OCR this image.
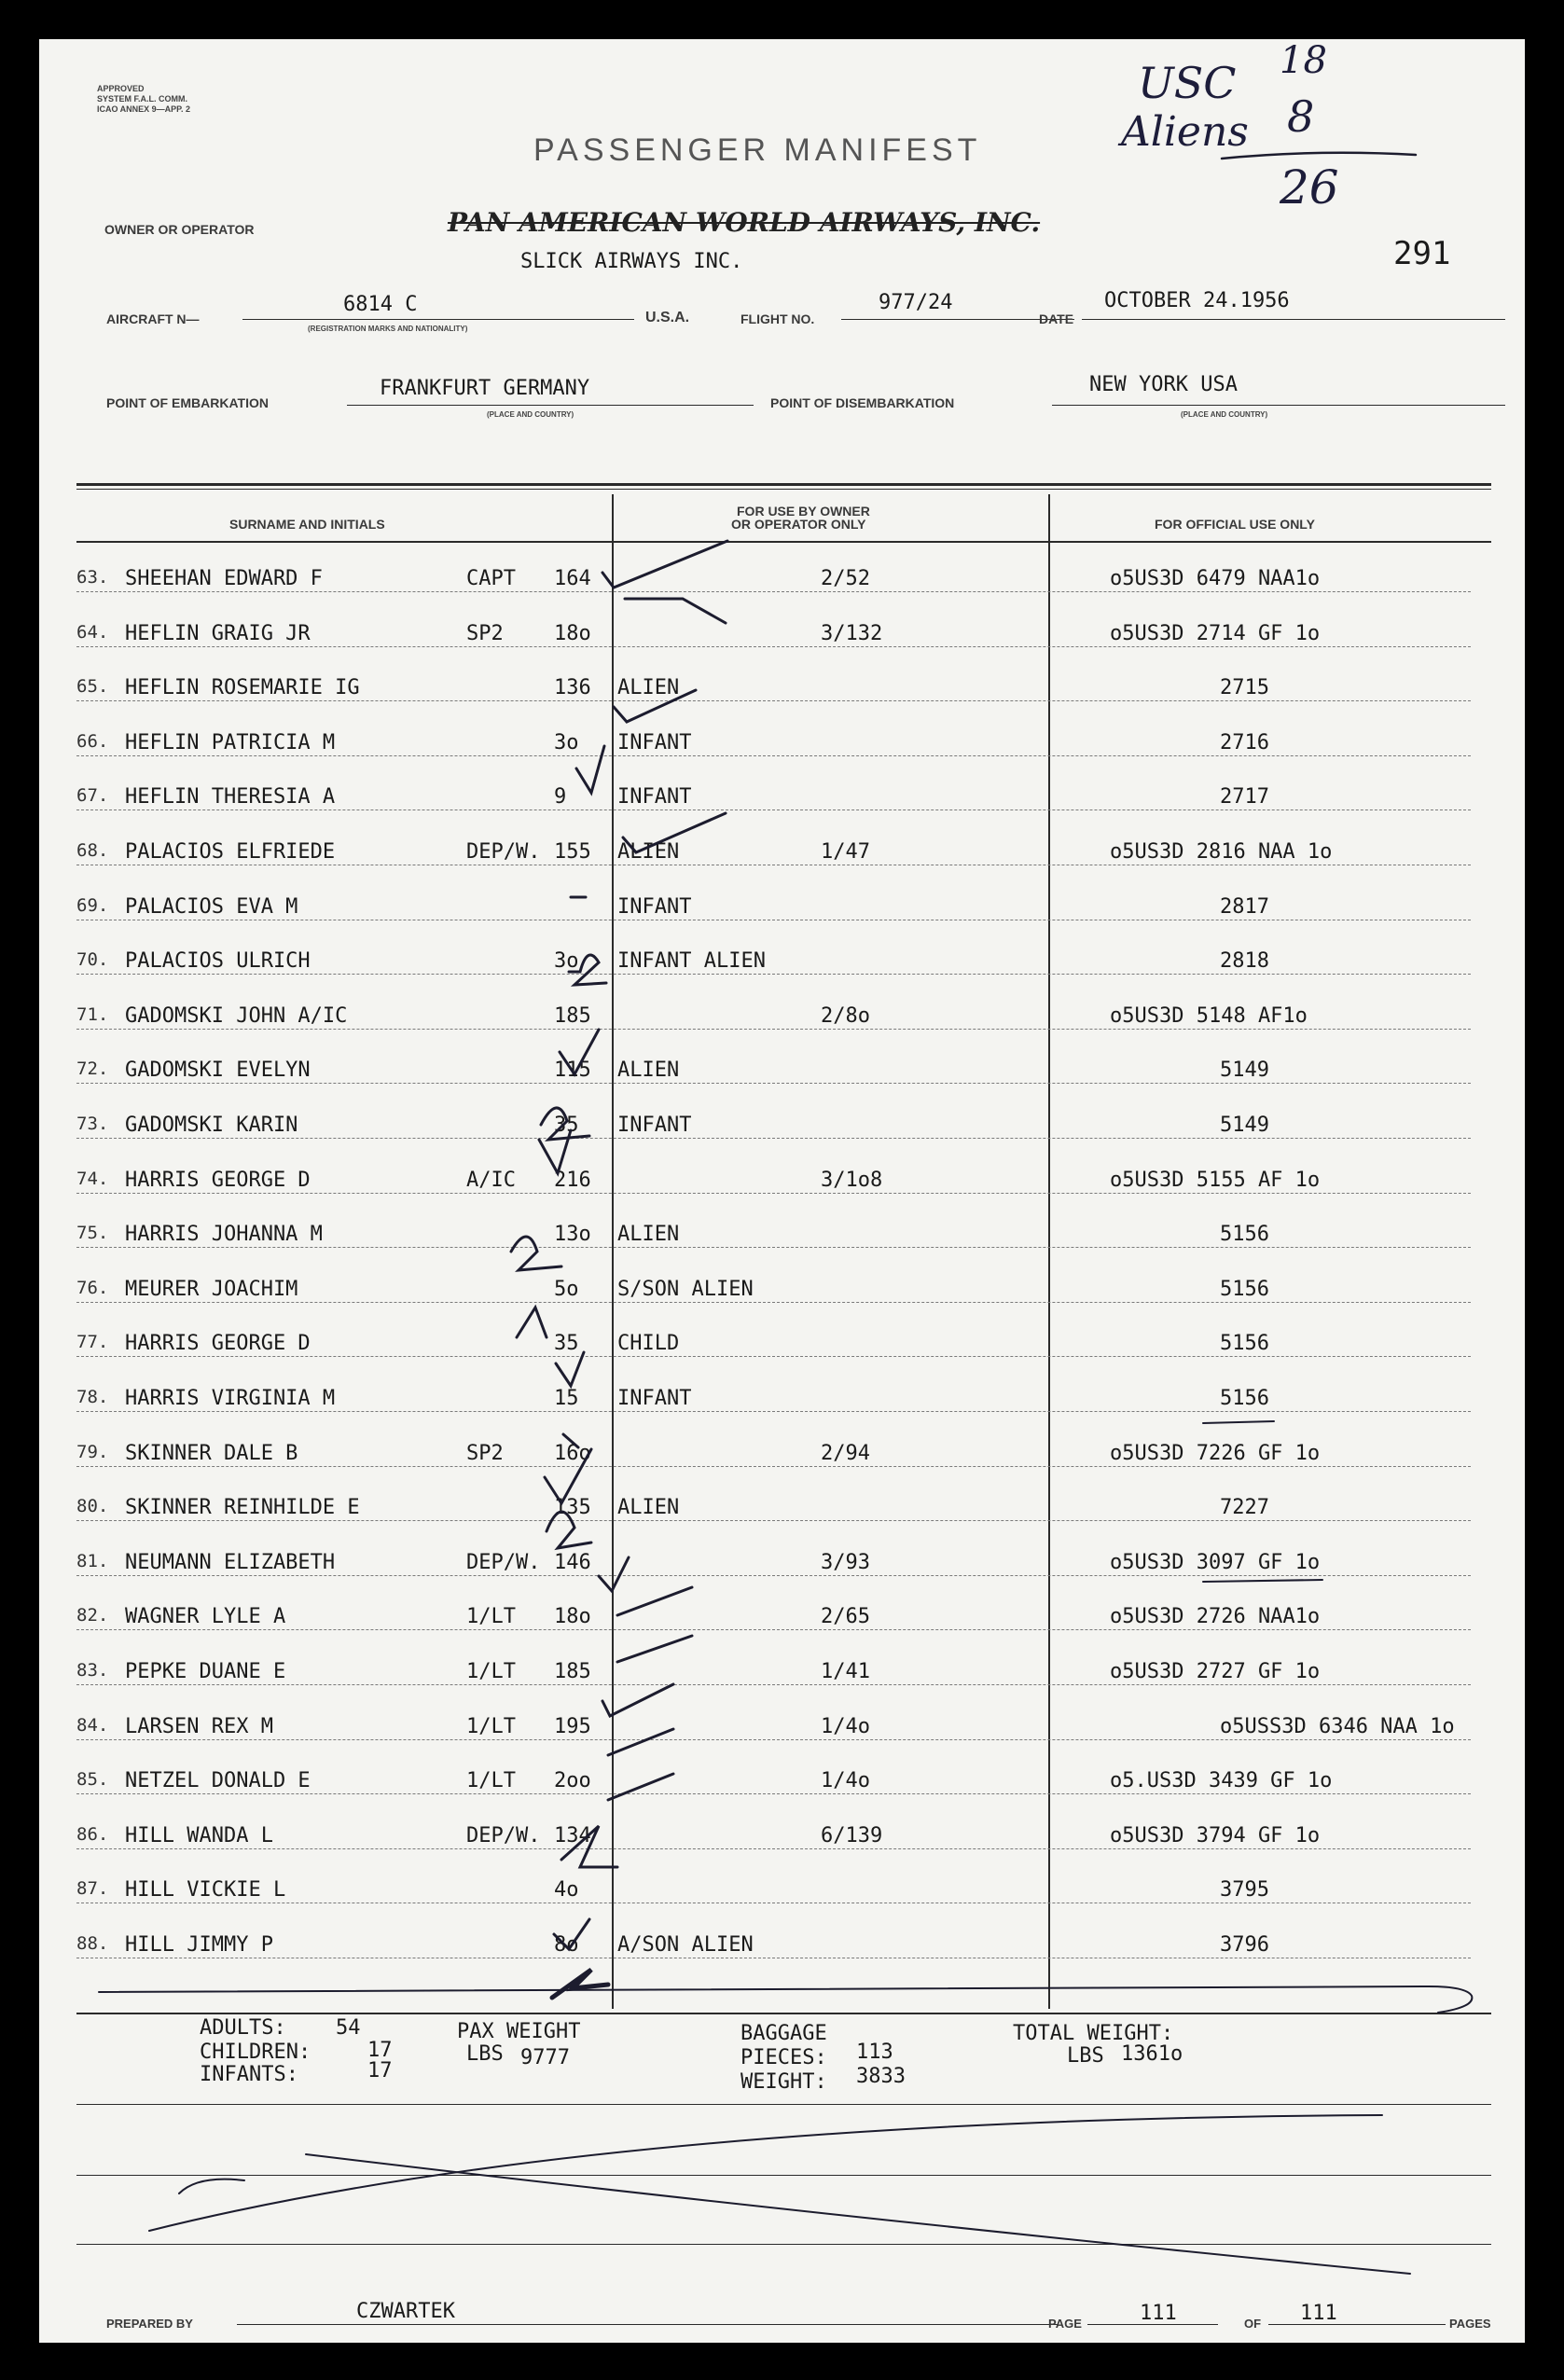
APPROVED
SYSTEM F.A.L. COMM.
ICAO ANNEX 9—APP. 2
PASSENGER MANIFEST
USC
Aliens
18
8
26
OWNER OR OPERATOR	PAN AMERICAN WORLD AIRWAYS, INC.
SLICK AIRWAYS INC.	291
AIRCRAFT N—
6814 C
(REGISTRATION MARKS AND NATIONALITY)
U.S.A.	FLIGHT NO.
977/24
DATE
OCTOBER 24.1956
POINT OF EMBARKATION
FRANKFURT GERMANY
(PLACE AND COUNTRY)
POINT OF DISEMBARKATION
NEW YORK USA
(PLACE AND COUNTRY)
SURNAME AND INITIALS
FOR USE BY OWNER
OR OPERATOR ONLY	FOR OFFICIAL USE ONLY
63. SHEEHAN EDWARD F	CAPT 164	2/52	o5US3D 6479 NAA1o
64. HEFLIN GRAIG JR	SP2 18o	3/132	o5US3D 2714 GF 1o
65. HEFLIN ROSEMARIE IG	136 ALIEN	2715
66. HEFLIN PATRICIA M	3o INFANT	2716
67. HEFLIN THERESIA A	9 INFANT	2717
68. PALACIOS ELFRIEDE	DEP/W. 155 ALIEN	1/47	o5US3D 2816 NAA 1o
69. PALACIOS EVA M	INFANT	2817
70. PALACIOS ULRICH	3o INFANT ALIEN	2818
71. GADOMSKI JOHN A/IC	185	2/8o	o5US3D 5148 AF1o
72. GADOMSKI EVELYN	115 ALIEN	5149
73. GADOMSKI KARIN	35 INFANT	5149
74. HARRIS GEORGE D	A/IC 216	3/1o8	o5US3D 5155 AF 1o
75. HARRIS JOHANNA M	13o ALIEN	5156
76. MEURER JOACHIM	5o S/SON ALIEN	5156
77. HARRIS GEORGE D	35 CHILD	5156
78. HARRIS VIRGINIA M	15 INFANT	5156
79. SKINNER DALE B	SP2 16o	2/94	o5US3D 7226 GF 1o
80. SKINNER REINHILDE E	135 ALIEN	7227
81. NEUMANN ELIZABETH	DEP/W. 146	3/93	o5US3D 3097 GF 1o
82. WAGNER LYLE A	1/LT 18o	2/65	o5US3D 2726 NAA1o
83. PEPKE DUANE E	1/LT 185	1/41	o5US3D 2727 GF 1o
84. LARSEN REX M	1/LT 195	1/4o	o5USS3D 6346 NAA 1o
85. NETZEL DONALD E	1/LT 2oo	1/4o	o5.US3D 3439 GF 1o
86. HILL WANDA L	DEP/W. 134	6/139	o5US3D 3794 GF 1o
87. HILL VICKIE L	4o	3795
88. HILL JIMMY P	8o A/SON ALIEN	3796
ADULTS: 54
CHILDREN:	17
INFANTS:	17
PAX WEIGHT
LBS 9777
BAGGAGE
PIECES: 113
WEIGHT: 3833
TOTAL WEIGHT:
LBS 1361o
PREPARED BY
CZWARTEK
PAGE	111	OF 111	PAGES
